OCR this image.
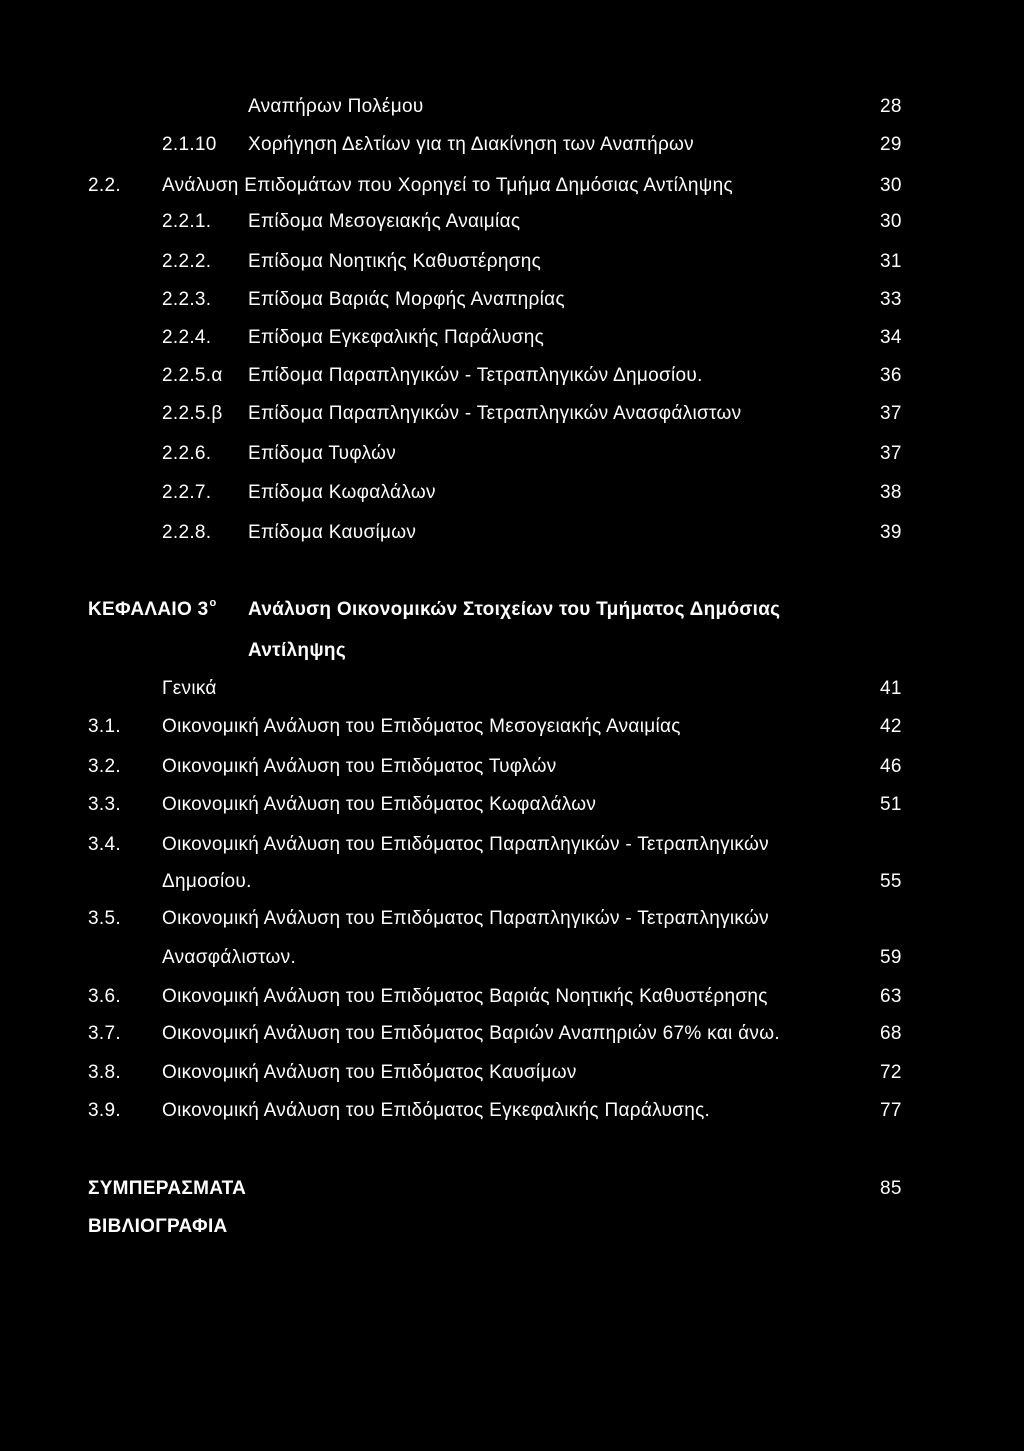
Αναπήρων Πολέμου	28
2.1.10 Χορήγηση Δελτίων για τη Διακίνηση των Αναπήρων	29
2.2. Ανάλυση Επιδομάτων που Χορηγεί το Τμήμα Δημόσιας Αντίληψης	30
2.2.1. Επίδομα Μεσογειακής Αναιμίας	30
2.2.2. Επίδομα Νοητικής Καθυστέρησης	31
2.2.3. Επίδομα Βαριάς Μορφής Αναπηρίας	33
2.2.4. Επίδομα Εγκεφαλικής Παράλυσης	34
2.2.5.α Επίδομα Παραπληγικών - Τετραπληγικών Δημοσίου.	36
2.2.5.β Επίδομα Παραπληγικών - Τετραπληγικών Ανασφάλιστων	37
2.2.6. Επίδομα Τυφλών	37
2.2.7. Επίδομα Κωφαλάλων	38
2.2.8. Επίδομα Καυσίμων	39
ΚΕΦΑΛΑΙΟ $3^o$ Ανάλυση Οικονομικών Στοιχείων του Τμήματος Δημόσιας
Αντίληψης
Γενικά	41
3.1. Οικονομική Ανάλυση του Επιδόματος Μεσογειακής Αναιμίας	42
3.2. Οικονομική Ανάλυση του Επιδόματος Τυφλών	46
3.3. Οικονομική Ανάλυση του Επιδόματος Κωφαλάλων	51
3.4. Οικονομική Ανάλυση του Επιδόματος Παραπληγικών - Τετραπληγικών
Δημοσίου.	55
3.5. Οικονομική Ανάλυση του Επιδόματος Παραπληγικών - Τετραπληγικών
Ανασφάλιστων.	59
3.6. Οικονομική Ανάλυση του Επιδόματος Βαριάς Νοητικής Καθυστέρησης	63
3.7. Οικονομική Ανάλυση του Επιδόματος Βαριών Αναπηριών 67% και άνω.	68
3.8. Οικονομική Ανάλυση του Επιδόματος Καυσίμων	72
3.9. Οικονομική Ανάλυση του Επιδόματος Εγκεφαλικής Παράλυσης.	77
ΣΥΜΠΕΡΑΣΜΑΤΑ	85
ΒΙΒΛΙΟΓΡΑΦΙΑ
